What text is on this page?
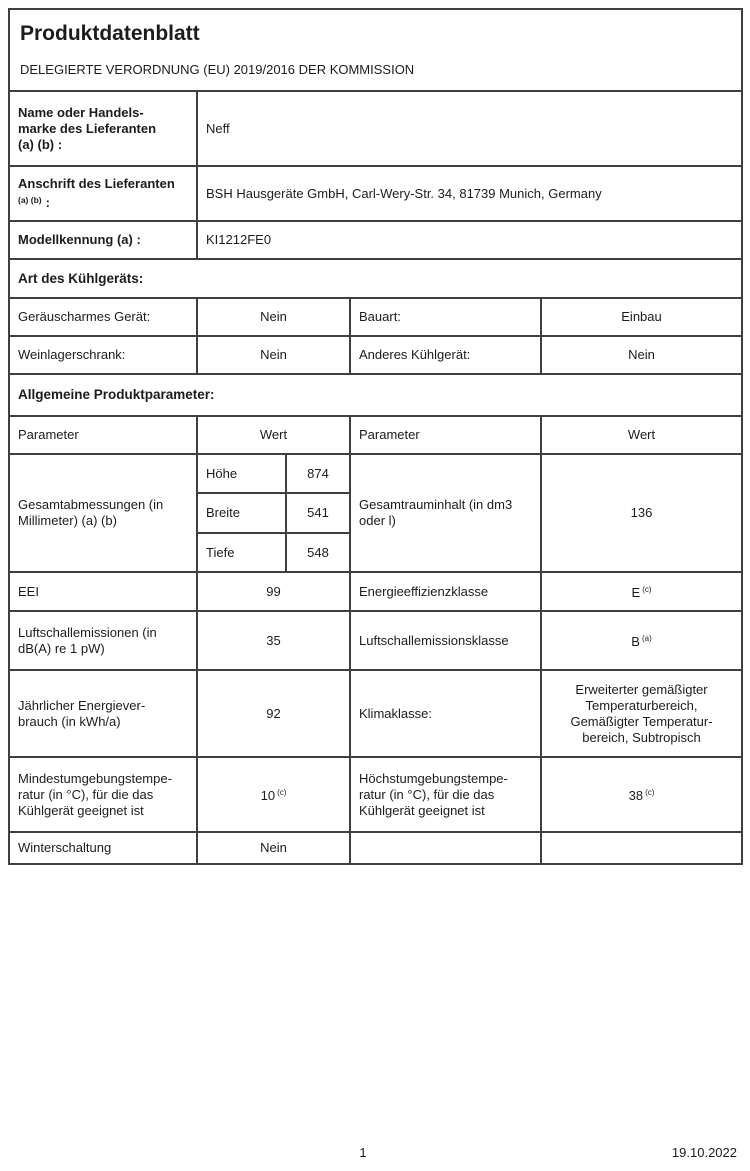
Produktdatenblatt
DELEGIERTE VERORDNUNG (EU) 2019/2016 DER KOMMISSION				

Name oder Handels-
marke des Lieferanten
(a) (b) :	Neff			

Anschrift des Lieferanten
$^{(a) (b)}$ :	BSH Hausgeräte GmbH, Carl-Wery-Str. 34, 81739 Munich, Germany			
Modellkennung (a) :	KI1212FE0			
Art des Kühlgeräts:				
Geräuscharmes Gerät:	Nein		Bauart:	Einbau
Weinlagerschrank:	Nein		Anderes Kühlgerät:	Nein
Allgemeine Produktparameter:				
Parameter	Wert		Parameter	Wert

Gesamtabmessungen (in
Millimeter) (a) (b)	Höhe	874	Gesamtrauminhalt (in dm3
oder l)	136
	Breite	541		
	Tiefe	548		
EEI	99		Energieeffizienzklasse	E $^{(c)}$

Luftschallemissionen (in
dB(A) re 1 pW)	35		Luftschallemissionsklasse	B $^{(a)}$

Jährlicher Energiever-
brauch (in kWh/a)	92		Klimaklasse:	Erweiterter gemäßigter
Temperaturbereich,
Gemäßigter Temperatur-
bereich, Subtropisch

Mindestumgebungstempe-
ratur (in °C), für die das
Kühlgerät geeignet ist	10 $^{(c)}$		Höchstumgebungstempe-
ratur (in °C), für die das
Kühlgerät geeignet ist	38 $^{(c)}$
Winterschaltung	Nein			
1	19.10.2022
